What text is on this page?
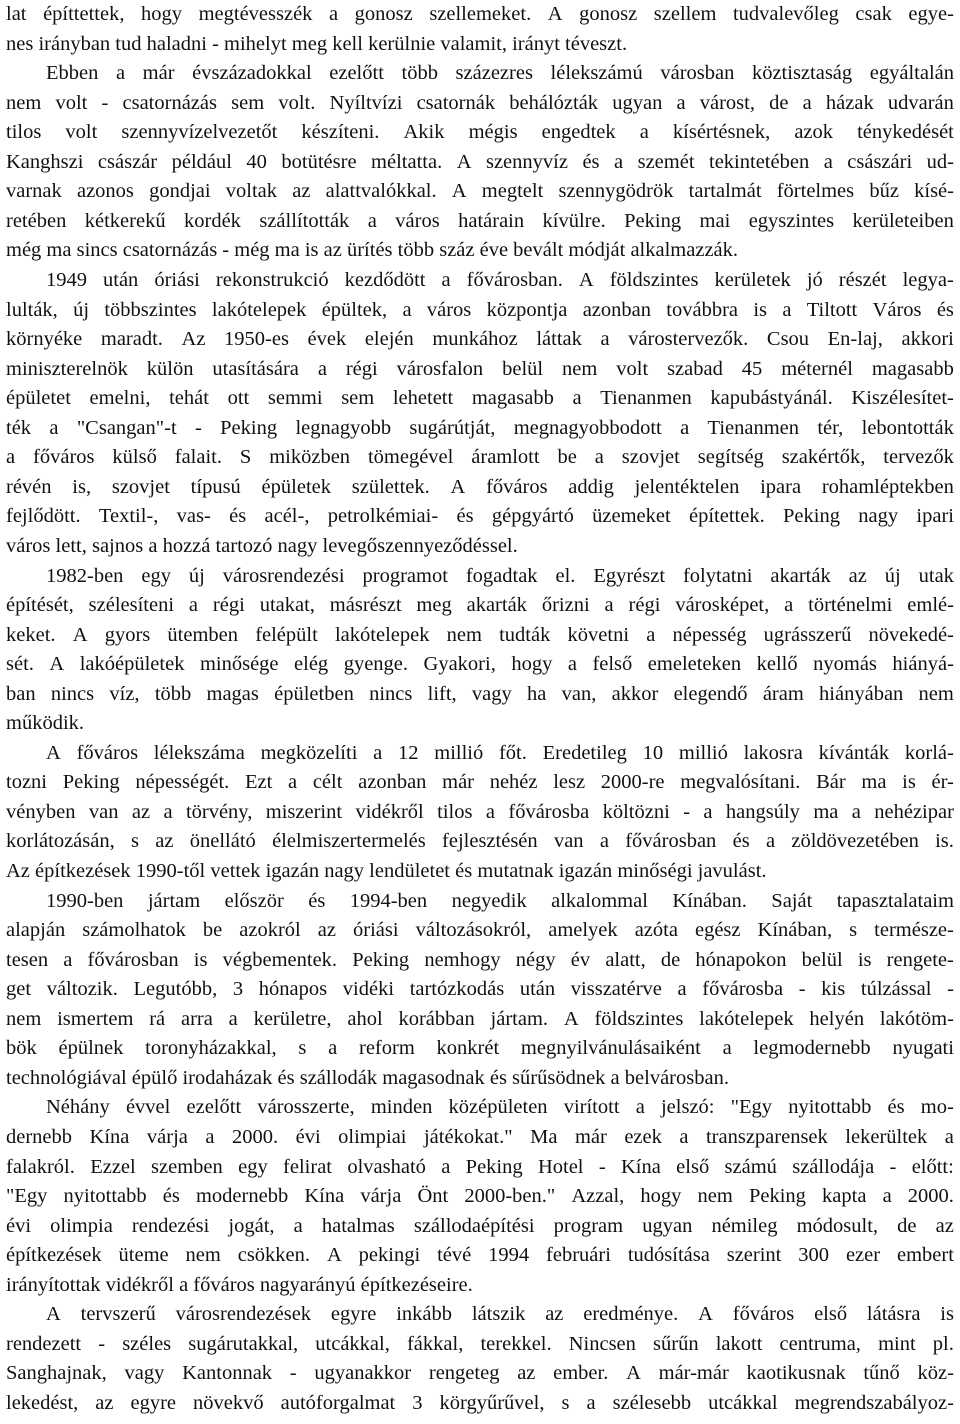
lat építtettek, hogy megtévesszék a gonosz szellemeket. A gonosz szellem tudvalevőleg csak egye-
nes irányban tud haladni - mihelyt meg kell kerülnie valamit, irányt téveszt.
Ebben a már évszázadokkal ezelőtt több százezres lélekszámú városban köztisztaság egyáltalán
nem volt - csatornázás sem volt. Nyíltvízi csatornák behálózták ugyan a várost, de a házak udvarán
tilos volt szennyvízelvezetőt készíteni. Akik mégis engedtek a kísértésnek, azok ténykedését
Kanghszi császár például 40 botütésre méltatta. A szennyvíz és a szemét tekintetében a császári ud-
varnak azonos gondjai voltak az alattvalókkal. A megtelt szennygödrök tartalmát förtelmes bűz kísé-
retében kétkerekű kordék szállították a város határain kívülre. Peking mai egyszintes kerületeiben
még ma sincs csatornázás - még ma is az ürítés több száz éve bevált módját alkalmazzák.
1949 után óriási rekonstrukció kezdődött a fővárosban. A földszintes kerületek jó részét legya-
lulták, új többszintes lakótelepek épültek, a város központja azonban továbbra is a Tiltott Város és
környéke maradt. Az 1950-es évek elején munkához láttak a várostervezők. Csou En-laj, akkori
miniszterelnök külön utasítására a régi városfalon belül nem volt szabad 45 méternél magasabb
épületet emelni, tehát ott semmi sem lehetett magasabb a Tienanmen kapubástyánál. Kiszélesítet-
ték a "Csangan"-t - Peking legnagyobb sugárútját, megnagyobbodott a Tienanmen tér, lebontották
a főváros külső falait. S miközben tömegével áramlott be a szovjet segítség szakértők, tervezők
révén is, szovjet típusú épületek születtek. A főváros addig jelentéktelen ipara rohamléptekben
fejlődött. Textil-, vas- és acél-, petrolkémiai- és gépgyártó üzemeket építettek. Peking nagy ipari
város lett, sajnos a hozzá tartozó nagy levegőszennyeződéssel.
1982-ben egy új városrendezési programot fogadtak el. Egyrészt folytatni akarták az új utak
építését, szélesíteni a régi utakat, másrészt meg akarták őrizni a régi városképet, a történelmi emlé-
keket. A gyors ütemben felépült lakótelepek nem tudták követni a népesség ugrásszerű növekedé-
sét. A lakóépületek minősége elég gyenge. Gyakori, hogy a felső emeleteken kellő nyomás hiányá-
ban nincs víz, több magas épületben nincs lift, vagy ha van, akkor elegendő áram hiányában nem
működik.
A főváros lélekszáma megközelíti a 12 millió főt. Eredetileg 10 millió lakosra kívánták korlá-
tozni Peking népességét. Ezt a célt azonban már nehéz lesz 2000-re megvalósítani. Bár ma is ér-
vényben van az a törvény, miszerint vidékről tilos a fővárosba költözni - a hangsúly ma a nehézipar
korlátozásán, s az önellátó élelmiszertermelés fejlesztésén van a fővárosban és a zöldövezetében is.
Az építkezések 1990-től vettek igazán nagy lendületet és mutatnak igazán minőségi javulást.
1990-ben jártam először és 1994-ben negyedik alkalommal Kínában. Saját tapasztalataim
alapján számolhatok be azokról az óriási változásokról, amelyek azóta egész Kínában, s természe-
tesen a fővárosban is végbementek. Peking nemhogy négy év alatt, de hónapokon belül is rengete-
get változik. Legutóbb, 3 hónapos vidéki tartózkodás után visszatérve a fővárosba - kis túlzással -
nem ismertem rá arra a kerületre, ahol korábban jártam. A földszintes lakótelepek helyén lakótöm-
bök épülnek toronyházakkal, s a reform konkrét megnyilvánulásaiként a legmodernebb nyugati
technológiával épülő irodaházak és szállodák magasodnak és sűrűsödnek a belvárosban.
Néhány évvel ezelőtt városszerte, minden középületen virított a jelszó: "Egy nyitottabb és mo-
dernebb Kína várja a 2000. évi olimpiai játékokat." Ma már ezek a transzparensek lekerültek a
falakról. Ezzel szemben egy felirat olvasható a Peking Hotel - Kína első számú szállodája - előtt:
"Egy nyitottabb és modernebb Kína várja Önt 2000-ben." Azzal, hogy nem Peking kapta a 2000.
évi olimpia rendezési jogát, a hatalmas szállodaépítési program ugyan némileg módosult, de az
építkezések üteme nem csökken. A pekingi tévé 1994 februári tudósítása szerint 300 ezer embert
irányítottak vidékről a főváros nagyarányú építkezéseire.
A tervszerű városrendezések egyre inkább látszik az eredménye. A főváros első látásra is
rendezett - széles sugárutakkal, utcákkal, fákkal, terekkel. Nincsen sűrűn lakott centruma, mint pl.
Sanghajnak, vagy Kantonnak - ugyanakkor rengeteg az ember. A már-már kaotikusnak tűnő köz-
lekedést, az egyre növekvő autóforgalmat 3 körgyűrűvel, s a szélesebb utcákkal megrendszabályoz-
